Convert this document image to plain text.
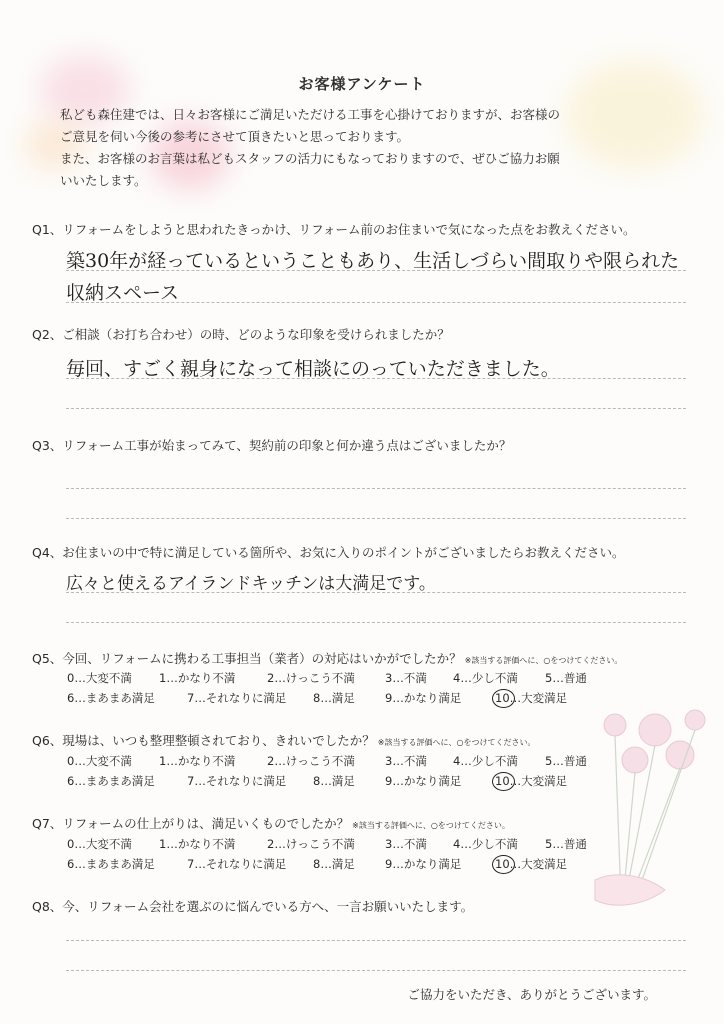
お客様アンケート
私ども森住建では、日々お客様にご満足いただける工事を心掛けておりますが、お客様の
ご意見を伺い今後の参考にさせて頂きたいと思っております。
また、お客様のお言葉は私どもスタッフの活力にもなっておりますので、ぜひご協力お願
いいたします。
Q1、リフォームをしようと思われたきっかけ、リフォーム前のお住まいで気になった点をお教えください。
築30年が経っているということもあり、生活しづらい間取りや限られた
収納スペース
Q2、ご相談（お打ち合わせ）の時、どのような印象を受けられましたか？
毎回、すごく親身になって相談にのっていただきました。
Q3、リフォーム工事が始まってみて、契約前の印象と何か違う点はございましたか？
Q4、お住まいの中で特に満足している箇所や、お気に入りのポイントがございましたらお教えください。
広々と使えるアイランドキッチンは大満足です。
Q5、今回、リフォームに携わる工事担当（業者）の対応はいかがでしたか？ ※該当する評価へに、○をつけてください。
0…大変不満 1…かなり不満	2…けっこう不満	3…不満 4…少し不満 5…普通
6…まあまあ満足	7…それなりに満足 8…満足	9…かなり満足	10…大変満足
Q6、現場は、いつも整理整頓されており、きれいでしたか？ ※該当する評価へに、○をつけてください。
0…大変不満 1…かなり不満	2…けっこう不満	3…不満 4…少し不満 5…普通
6…まあまあ満足	7…それなりに満足 8…満足	9…かなり満足	10…大変満足
Q7、リフォームの仕上がりは、満足いくものでしたか？ ※該当する評価へに、○をつけてください。
0…大変不満 1…かなり不満	2…けっこう不満	3…不満 4…少し不満 5…普通
6…まあまあ満足	7…それなりに満足 8…満足	9…かなり満足	10…大変満足
Q8、今、リフォーム会社を選ぶのに悩んでいる方へ、一言お願いいたします。
ご協力をいただき、ありがとうございます。
